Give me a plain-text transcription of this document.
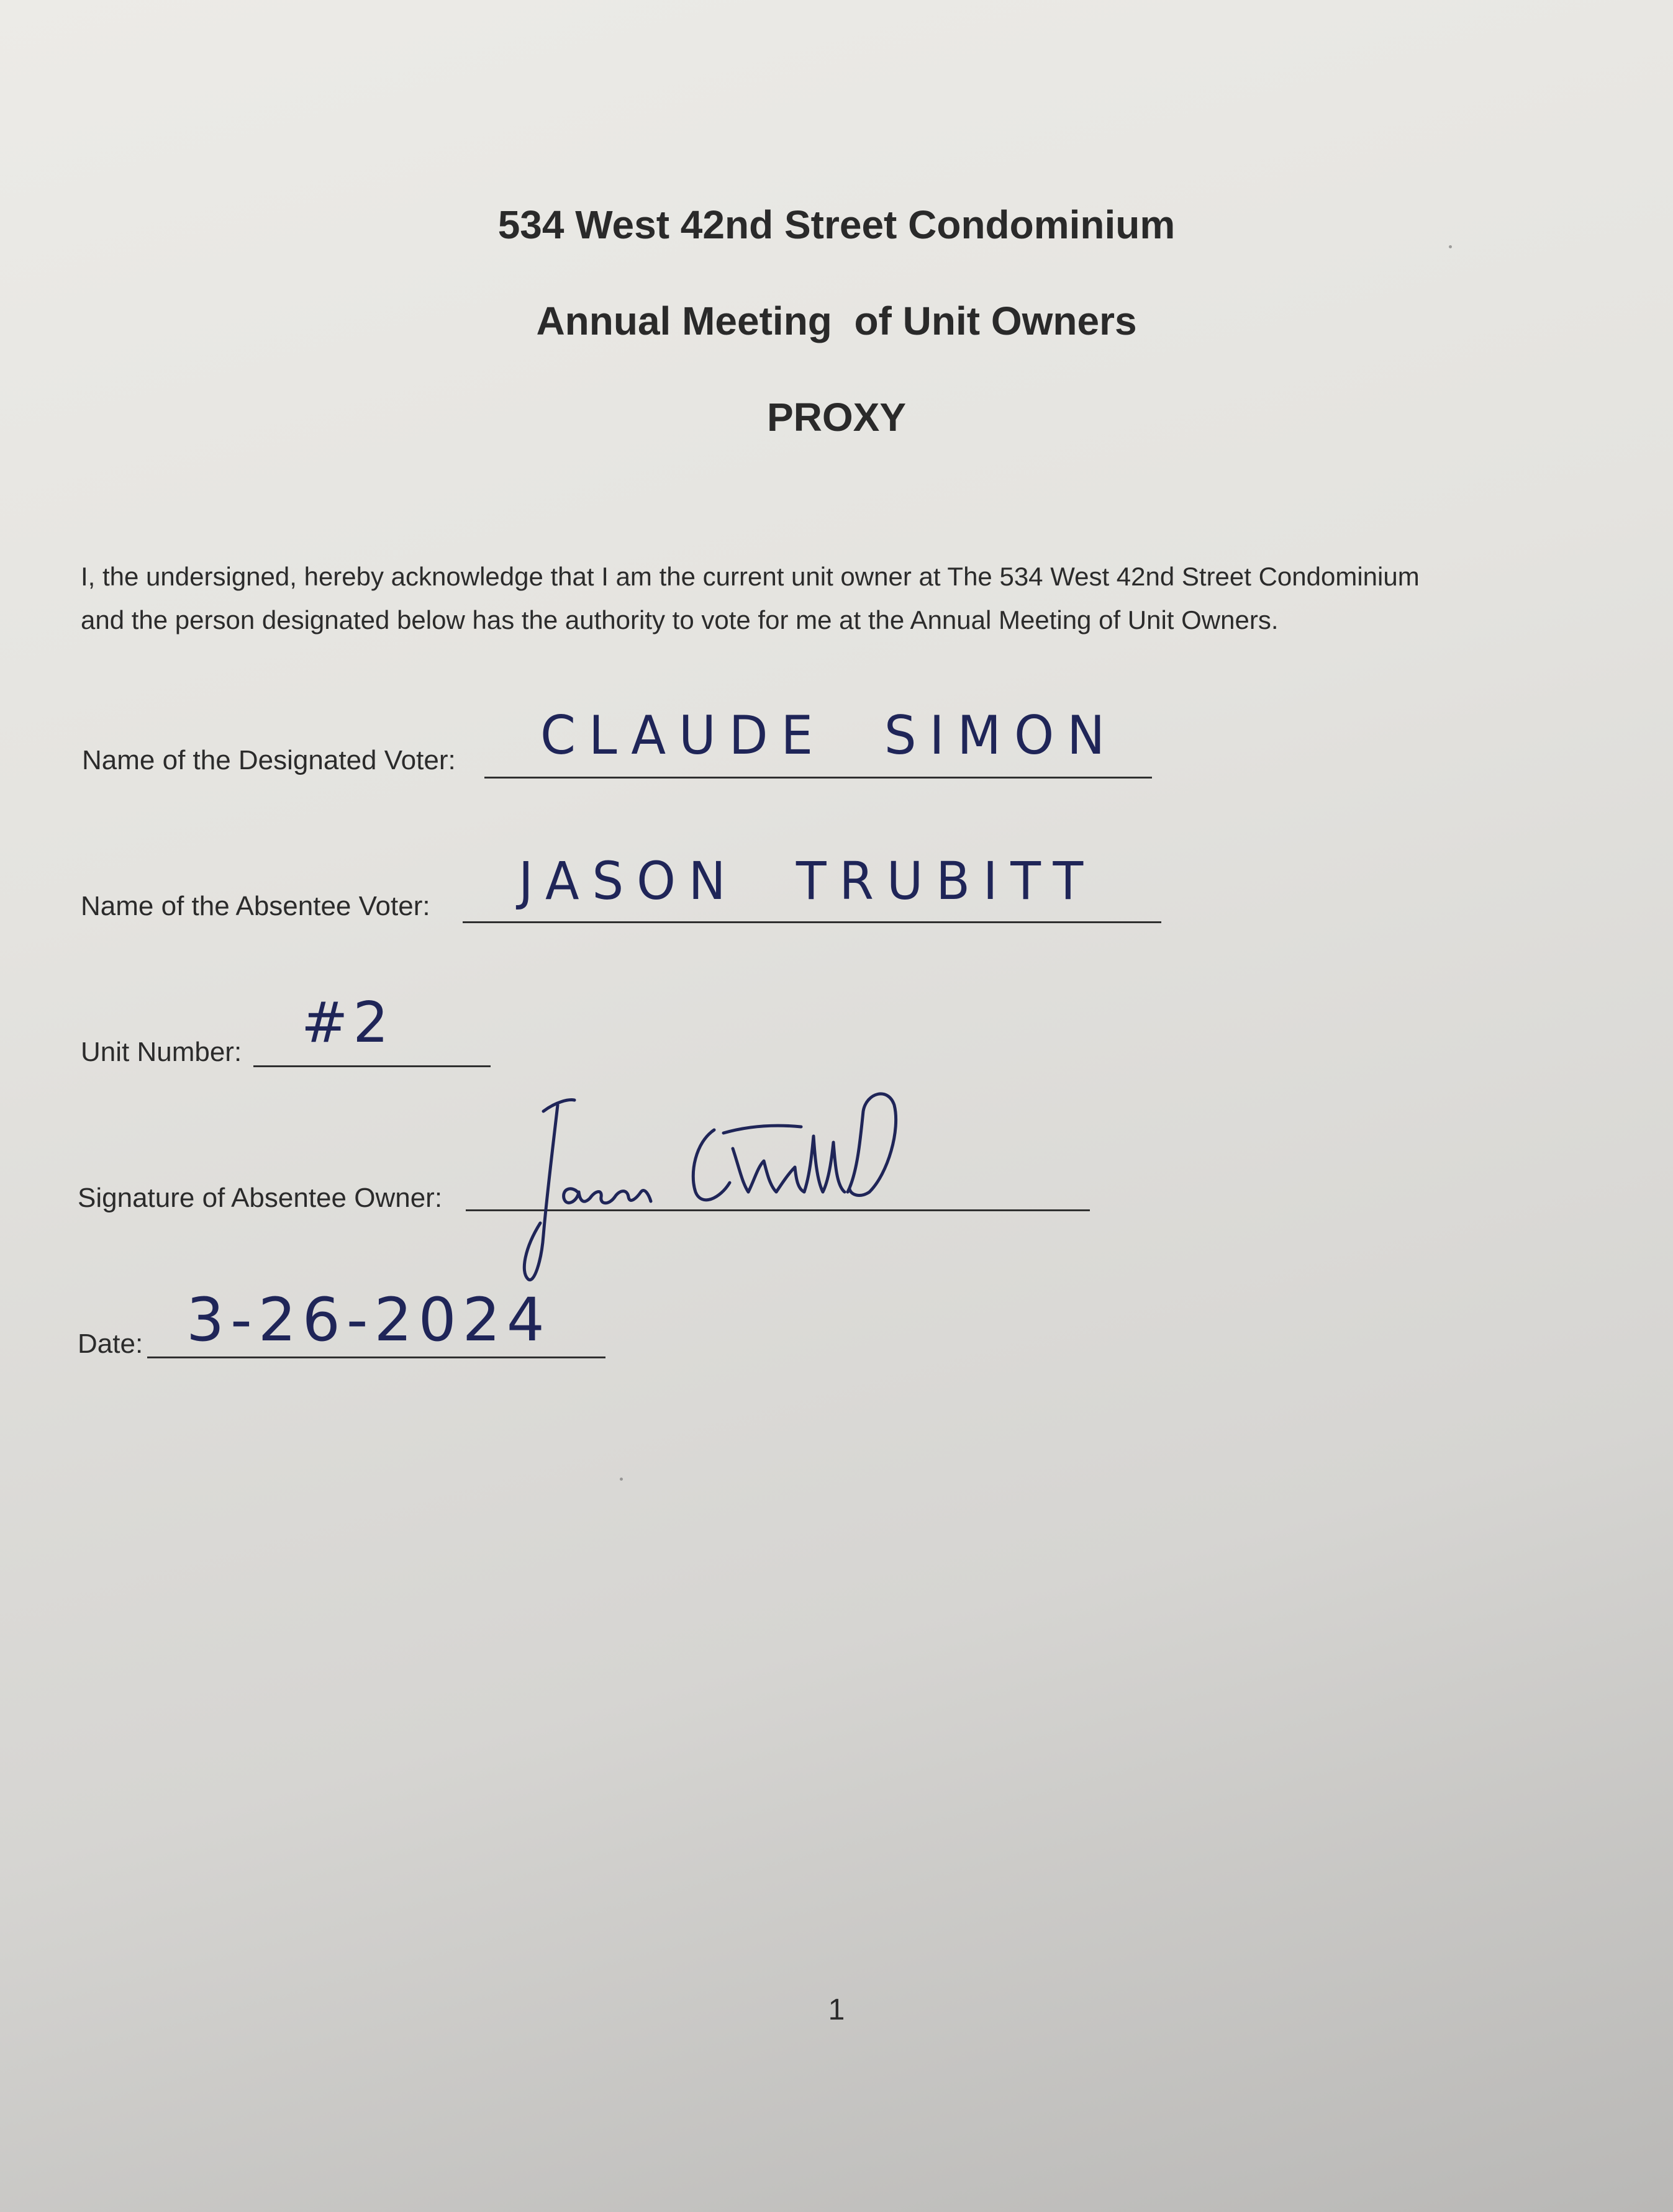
534 West 42nd Street Condominium
Annual Meeting  of Unit Owners
PROXY
I, the undersigned, hereby acknowledge that I am the current unit owner at The 534 West 42nd Street Condominium
and the person designated below has the authority to vote for me at the Annual Meeting of Unit Owners.
Name of the Designated Voter: CLAUDE  SIMON
Name of the Absentee Voter: JASON  TRUBITT
Unit Number: #2
Signature of Absentee Owner:
Date: 3-26-2024
1
